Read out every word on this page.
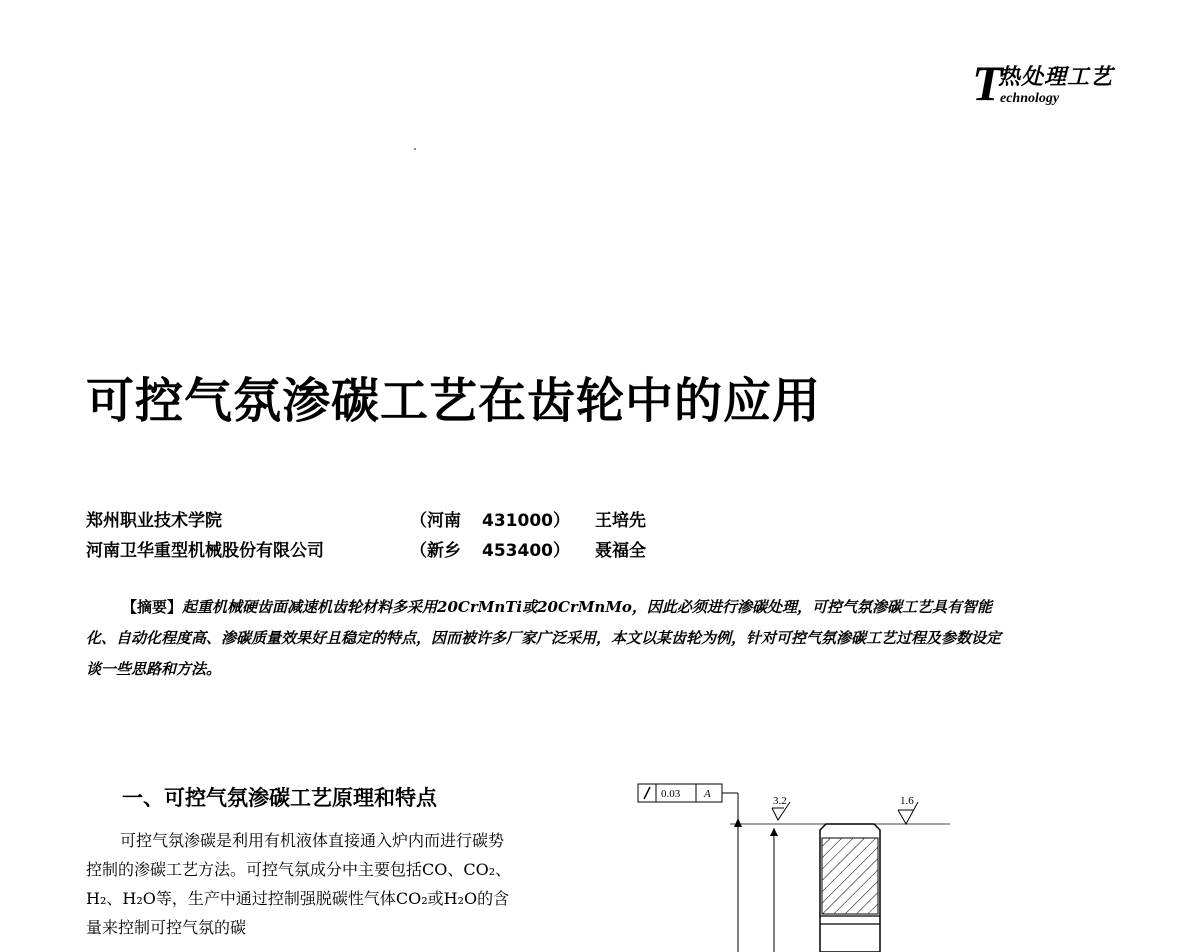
T
热处理工艺
echnology
可控气氛渗碳工艺在齿轮中的应用
郑州职业技术学院	（河南 431000） 王培先
河南卫华重型机械股份有限公司	（新乡 453400） 聂福全

【摘要】起重机械硬齿面减速机齿轮材料多采用20CrMnTi或20CrMnMo，因此必须进行渗碳处理，可控气氛渗碳工艺具有智能化、自动化程度高、渗碳质量效果好且稳定的特点，因而被许多厂家广泛采用，本文以某齿轮为例，针对可控气氛渗碳工艺过程及参数设定谈一些思路和方法。

一、可控气氛渗碳工艺原理和特点

可控气氛渗碳是利用有机液体直接通入炉内而进行碳势控制的渗碳工艺方法。可控气氛成分中主要包括CO、CO₂、H₂、H₂O等，生产中通过控制强脱碳性气体CO₂或H₂O的含量来控制可控气氛的碳

0.03 A
3.2	1.6
